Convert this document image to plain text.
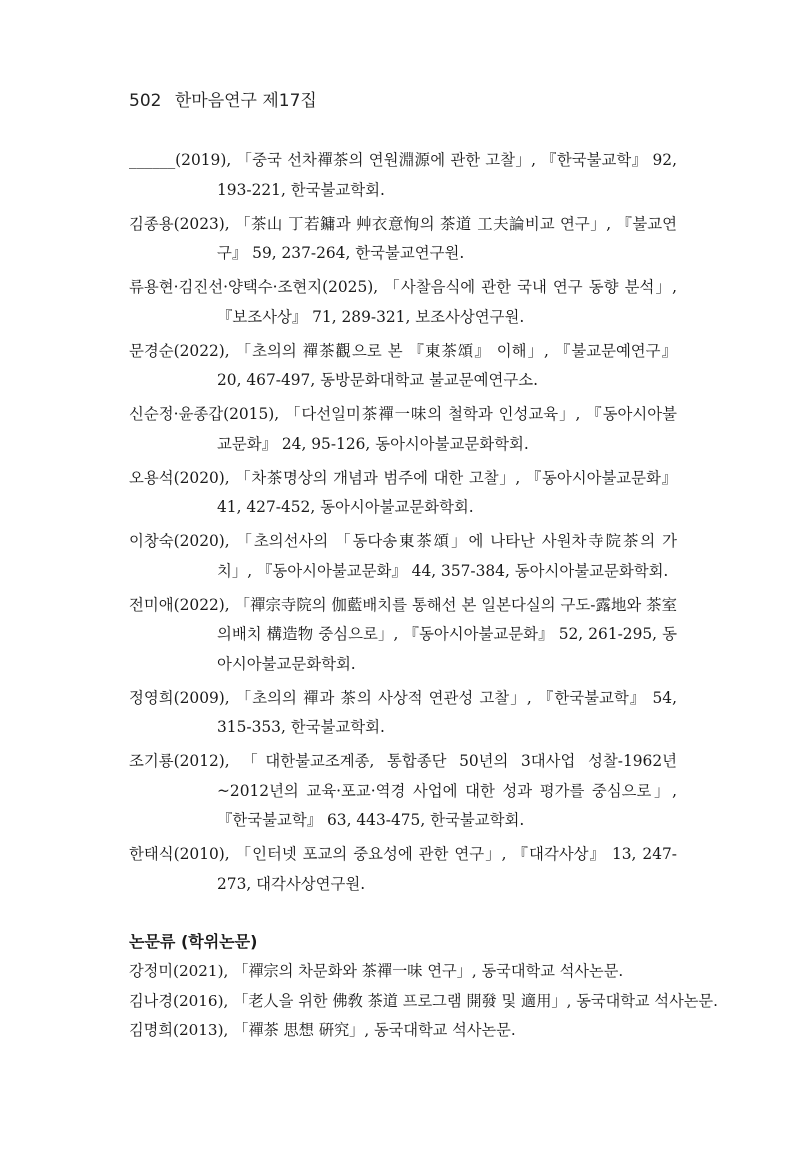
502 한마음연구 제17집

______(2019), 「중국 선차禪茶의 연원淵源에 관한 고찰」, 『한국불교학』 92, 193-221, 한국불교학회.

김종용(2023), 「茶山 丁若鏞과 艸衣意恂의 茶道 工夫論비교 연구」, 『불교연구』 59, 237-264, 한국불교연구원.

류용현·김진선·양택수·조현지(2025), 「사찰음식에 관한 국내 연구 동향 분석」, 『보조사상』 71, 289-321, 보조사상연구원.

문경순(2022), 「초의의 禪茶觀으로 본 『東茶頌』 이해」, 『불교문예연구』 20, 467-497, 동방문화대학교 불교문예연구소.

신순정·윤종갑(2015), 「다선일미茶禪一味의 철학과 인성교육」, 『동아시아불교문화』 24, 95-126, 동아시아불교문화학회.

오용석(2020), 「차茶명상의 개념과 범주에 대한 고찰」, 『동아시아불교문화』 41, 427-452, 동아시아불교문화학회.

이창숙(2020), 「초의선사의 「동다송東茶頌」에 나타난 사원차寺院茶의 가치」, 『동아시아불교문화』 44, 357-384, 동아시아불교문화학회.

전미애(2022), 「禪宗寺院의 伽藍배치를 통해선 본 일본다실의 구도-露地와 茶室의배치 構造物 중심으로」, 『동아시아불교문화』 52, 261-295, 동아시아불교문화학회.

정영희(2009), 「초의의 禪과 茶의 사상적 연관성 고찰」, 『한국불교학』 54, 315-353, 한국불교학회.

조기룡(2012), 「대한불교조계종, 통합종단 50년의 3대사업 성찰-1962년~2012년의 교육·포교·역경 사업에 대한 성과 평가를 중심으로」, 『한국불교학』 63, 443-475, 한국불교학회.

한태식(2010), 「인터넷 포교의 중요성에 관한 연구」, 『대각사상』 13, 247-273, 대각사상연구원.

논문류 (학위논문)

강정미(2021), 「禪宗의 차문화와 茶禪一味 연구」, 동국대학교 석사논문.

김나경(2016), 「老人을 위한 佛敎 茶道 프로그램 開發 및 適用」, 동국대학교 석사논문.

김명희(2013), 「禪茶 思想 硏究」, 동국대학교 석사논문.
